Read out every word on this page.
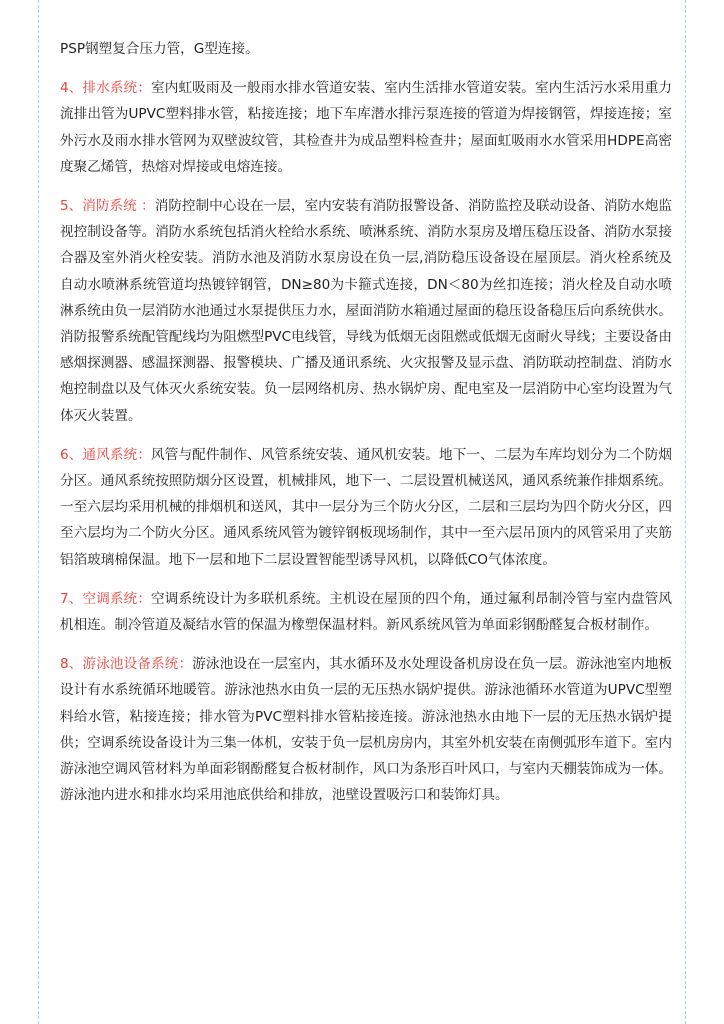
PSP钢塑复合压力管，G型连接。

4、排水系统：室内虹吸雨及一般雨水排水管道安装、室内生活排水管道安装。室内生活污水采用重力流排出管为UPVC塑料排水管，粘接连接；地下车库潜水排污泵连接的管道为焊接钢管，焊接连接；室外污水及雨水排水管网为双壁波纹管，其检查井为成品塑料检查井；屋面虹吸雨水水管采用HDPE高密度聚乙烯管，热熔对焊接或电熔连接。

5、消防系统 ：消防控制中心设在一层，室内安装有消防报警设备、消防监控及联动设备、消防水炮监视控制设备等。消防水系统包括消火栓给水系统、喷淋系统、消防水泵房及增压稳压设备、消防水泵接合器及室外消火栓安装。消防水池及消防水泵房设在负一层,消防稳压设备设在屋顶层。消火栓系统及自动水喷淋系统管道均热镀锌钢管，DN≥80为卡箍式连接，DN＜80为丝扣连接；消火栓及自动水喷淋系统由负一层消防水池通过水泵提供压力水，屋面消防水箱通过屋面的稳压设备稳压后向系统供水。消防报警系统配管配线均为阻燃型PVC电线管，导线为低烟无卤阻燃或低烟无卤耐火导线；主要设备由感烟探测器、感温探测器、报警模块、广播及通讯系统、火灾报警及显示盘、消防联动控制盘、消防水炮控制盘以及气体灭火系统安装。负一层网络机房、热水锅炉房、配电室及一层消防中心室均设置为气体灭火装置。

6、通风系统：风管与配件制作、风管系统安装、通风机安装。地下一、二层为车库均划分为二个防烟分区。通风系统按照防烟分区设置，机械排风，地下一、二层设置机械送风，通风系统兼作排烟系统。一至六层均采用机械的排烟机和送风，其中一层分为三个防火分区，二层和三层均为四个防火分区，四至六层均为二个防火分区。通风系统风管为镀锌钢板现场制作，其中一至六层吊顶内的风管采用了夹筋铝箔玻璃棉保温。地下一层和地下二层设置智能型诱导风机，以降低CO气体浓度。

7、空调系统：空调系统设计为多联机系统。主机设在屋顶的四个角，通过氟利昂制冷管与室内盘管风机相连。制冷管道及凝结水管的保温为橡塑保温材料。新风系统风管为单面彩钢酚醛复合板材制作。

8、游泳池设备系统：游泳池设在一层室内，其水循环及水处理设备机房设在负一层。游泳池室内地板设计有水系统循环地暖管。游泳池热水由负一层的无压热水锅炉提供。游泳池循环水管道为UPVC型塑料给水管，粘接连接；排水管为PVC塑料排水管粘接连接。游泳池热水由地下一层的无压热水锅炉提供；空调系统设备设计为三集一体机，安装于负一层机房房内，其室外机安装在南侧弧形车道下。室内游泳池空调风管材料为单面彩钢酚醛复合板材制作，风口为条形百叶风口，与室内天棚装饰成为一体。游泳池内进水和排水均采用池底供给和排放，池壁设置吸污口和装饰灯具。
